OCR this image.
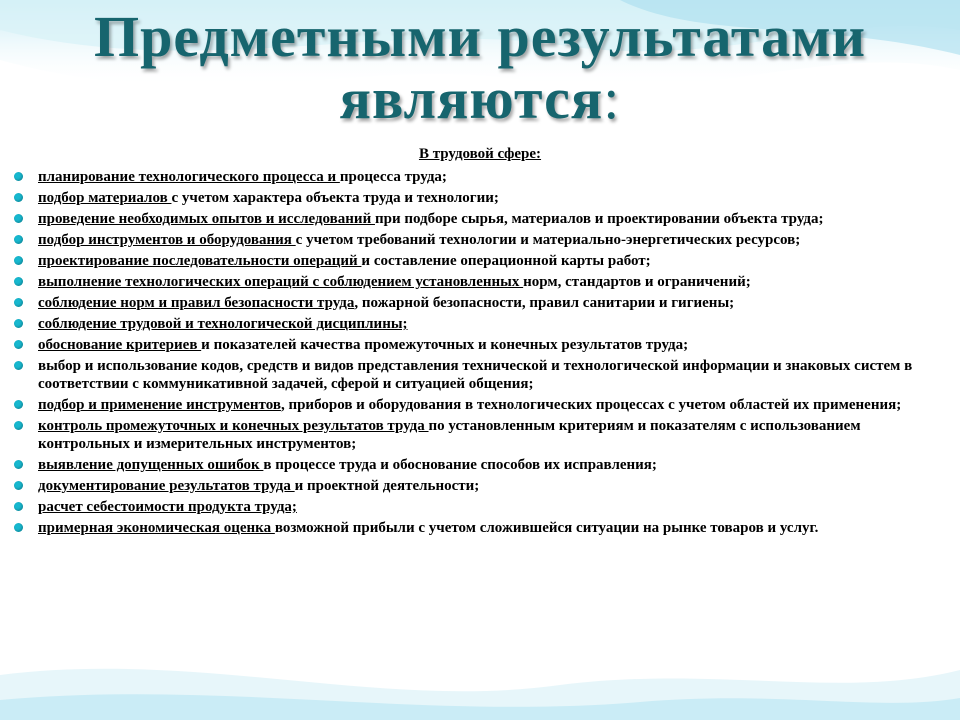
Предметными результатами
являются:
В трудовой сфере:
планирование технологического процесса и процесса труда;
подбор материалов с учетом характера объекта труда и технологии;
проведение необходимых опытов и исследований при подборе сырья, материалов и проектировании объекта труда;
подбор инструментов и оборудования с учетом требований технологии и материально-энергетических ресурсов;
проектирование последовательности операций и составление операционной карты работ;
выполнение технологических операций с соблюдением установленных норм, стандартов и ограничений;
соблюдение норм и правил безопасности труда, пожарной безопасности, правил санитарии и гигиены;
соблюдение трудовой и технологической дисциплины;
обоснование критериев и показателей качества промежуточных и конечных результатов труда;
выбор и использование кодов, средств и видов представления технической и технологической информации и знаковых систем в соответствии с коммуникативной задачей, сферой и ситуацией общения;
подбор и применение инструментов, приборов и оборудования в технологических процессах с учетом областей их применения;
контроль промежуточных и конечных результатов труда по установленным критериям и показателям с использованием контрольных и измерительных инструментов;
выявление допущенных ошибок в процессе труда и обоснование способов их исправления;
документирование результатов труда и проектной деятельности;
расчет себестоимости продукта труда;
примерная экономическая оценка возможной прибыли с учетом сложившейся ситуации на рынке товаров и услуг.
